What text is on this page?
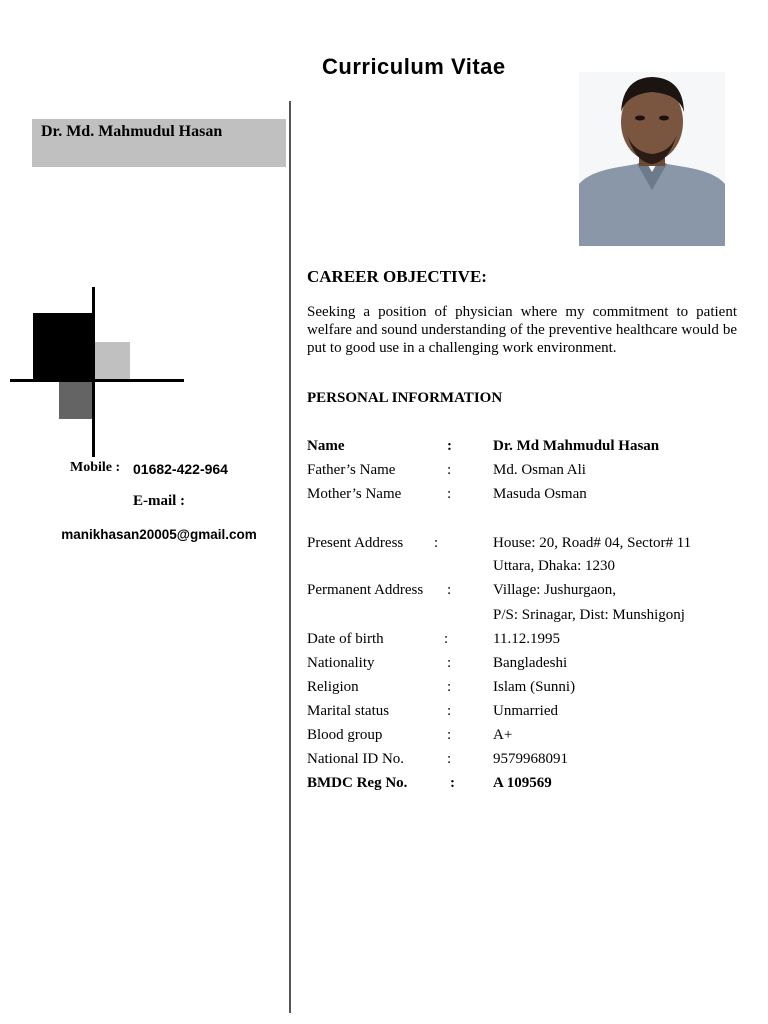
Curriculum Vitae
Dr. Md. Mahmudul Hasan
Mobile : 01682-422-964
E-mail :
manikhasan20005@gmail.com
CAREER OBJECTIVE:
Seeking a position of physician where my commitment to patient welfare and sound understanding of the preventive healthcare would be put to good use in a challenging work environment.
PERSONAL INFORMATION
Name	:	Dr. Md Mahmudul Hasan
Father’s Name	:	Md. Osman Ali
Mother’s Name	:	Masuda Osman
Present Address :	House: 20, Road# 04, Sector# 11
Uttara, Dhaka: 1230
Permanent Address :	Village: Jushurgaon,
P/S: Srinagar, Dist: Munshigonj
Date of birth	:	11.12.1995
Nationality	:	Bangladeshi
Religion	:	Islam (Sunni)
Marital status	:	Unmarried
Blood group	:	A+
National ID No.	:	9579968091
BMDC Reg No.	:	A 109569
